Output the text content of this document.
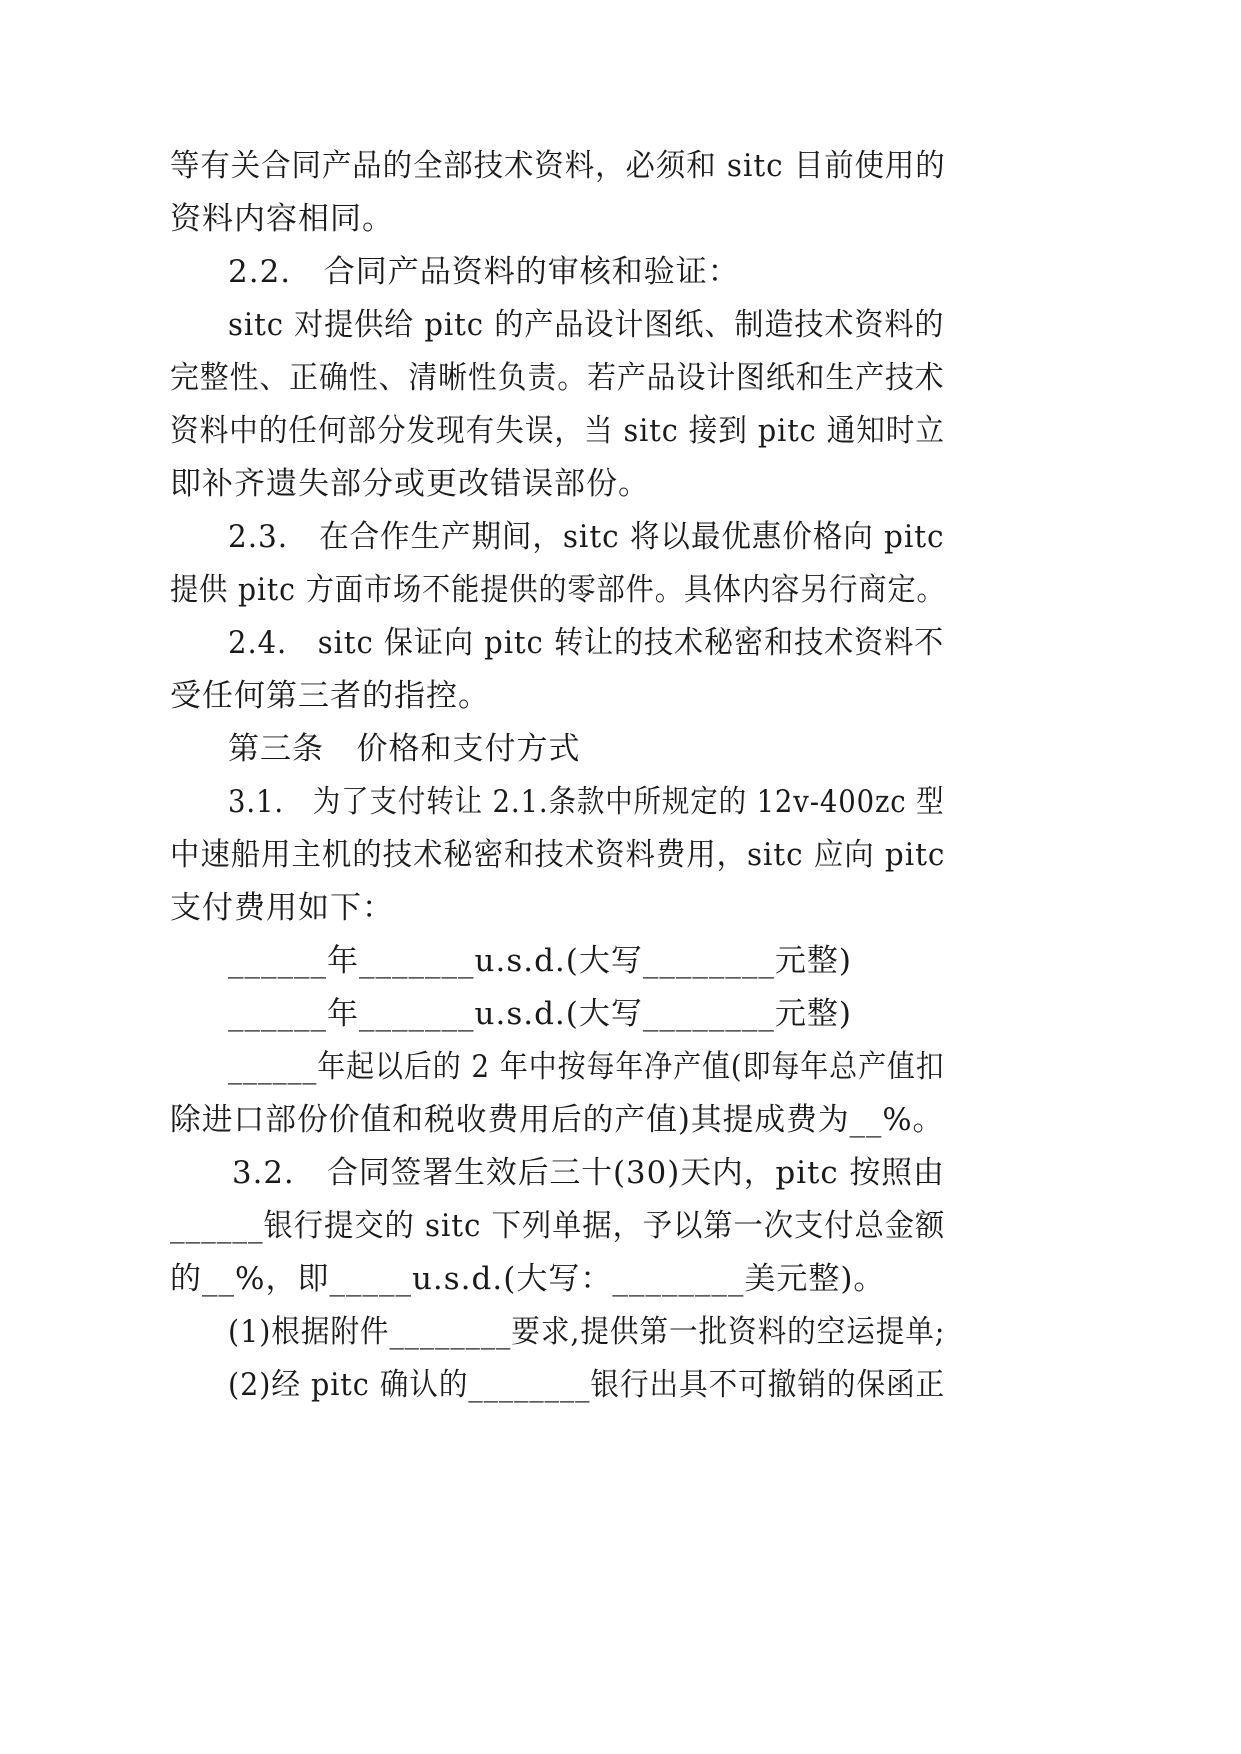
等有关合同产品的全部技术资料，必须和 sitc 目前使用的
资料内容相同。
2.2.   合同产品资料的审核和验证：
sitc 对提供给 pitc 的产品设计图纸、制造技术资料的
完整性、正确性、清晰性负责。若产品设计图纸和生产技术
资料中的任何部分发现有失误，当 sitc 接到 pitc 通知时立
即补齐遗失部分或更改错误部份。
2.3.   在合作生产期间，sitc 将以最优惠价格向 pitc
提供 pitc 方面市场不能提供的零部件。具体内容另行商定。
2.4.   sitc 保证向 pitc 转让的技术秘密和技术资料不
受任何第三者的指控。
第三条   价格和支付方式
3.1.   为了支付转让 2.1.条款中所规定的 12v-400zc 型
中速船用主机的技术秘密和技术资料费用，sitc 应向 pitc
支付费用如下：
______年_______u.s.d.(大写________元整)
______年_______u.s.d.(大写________元整)
______年起以后的 2 年中按每年净产值(即每年总产值扣
除进口部份价值和税收费用后的产值)其提成费为__%。
3.2.   合同签署生效后三十(30)天内，pitc 按照由
______银行提交的 sitc 下列单据，予以第一次支付总金额
的__%，即_____u.s.d.(大写：________美元整)。
(1)根据附件________要求,提供第一批资料的空运提单;
(2)经 pitc 确认的________银行出具不可撤销的保函正
